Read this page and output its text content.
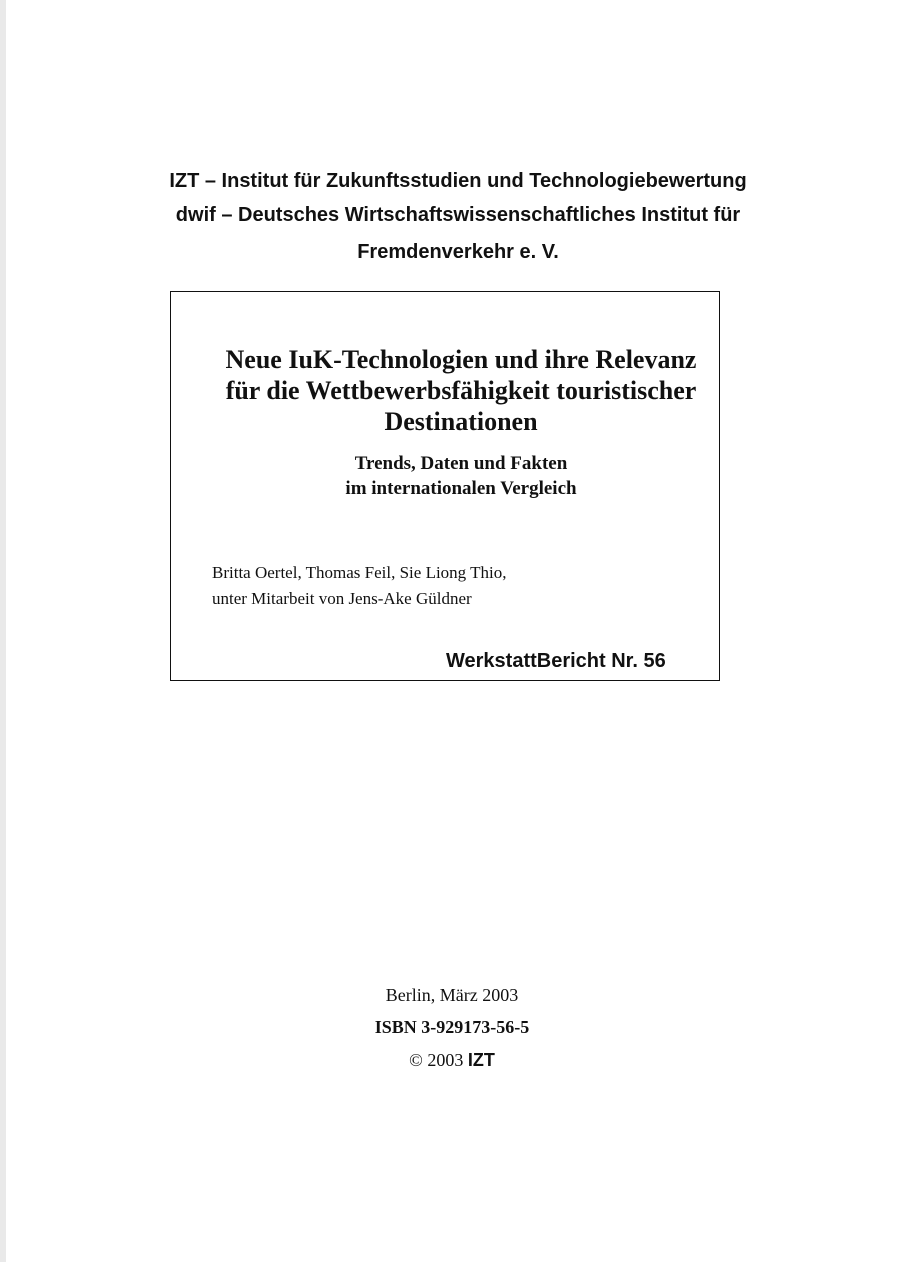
IZT – Institut für Zukunftsstudien und Technologiebewertung
dwif – Deutsches Wirtschaftswissenschaftliches Institut für
Fremdenverkehr e. V.
Neue IuK-Technologien und ihre Relevanz
für die Wettbewerbsfähigkeit touristischer
Destinationen
Trends, Daten und Fakten
im internationalen Vergleich
Britta Oertel, Thomas Feil, Sie Liong Thio,
unter Mitarbeit von Jens-Ake Güldner
WerkstattBericht Nr. 56
Berlin, März 2003
ISBN 3-929173-56-5
© 2003 IZT
